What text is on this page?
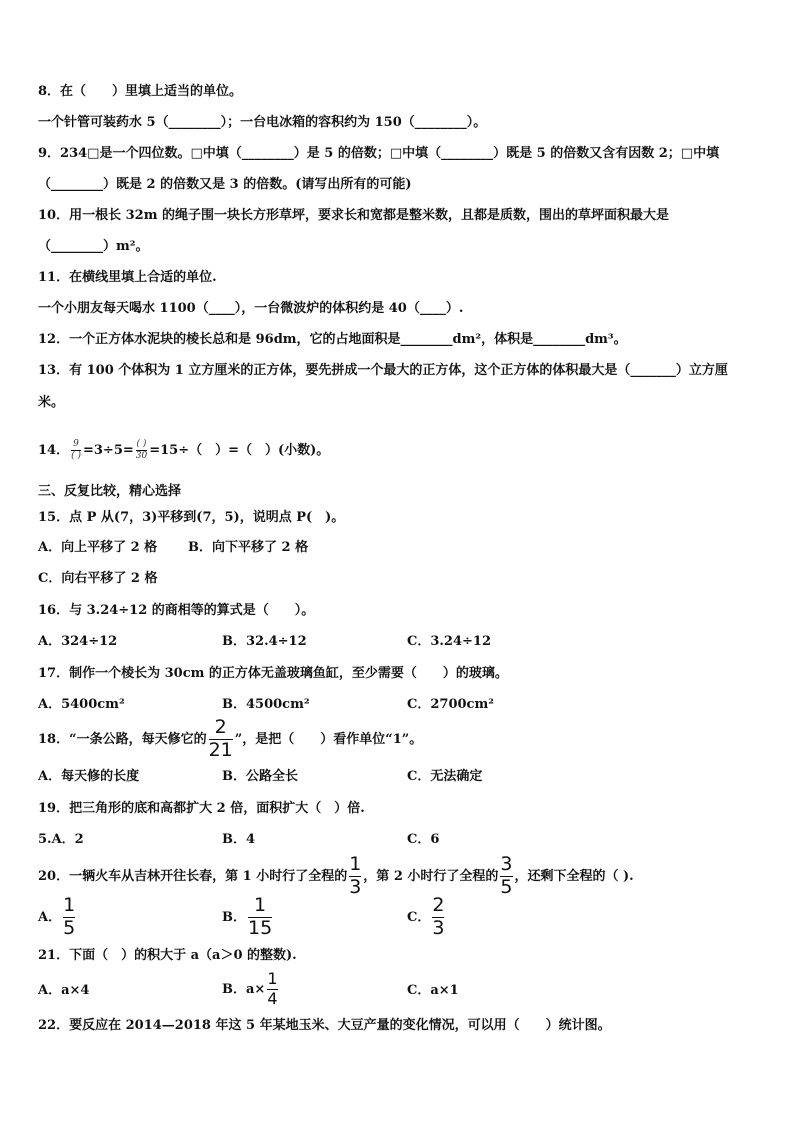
8．在（　　）里填上适当的单位。
一个针管可装药水 5（________）；一台电冰箱的容积约为 150（________）。
9．234□是一个四位数。□中填（________）是 5 的倍数；□中填（________）既是 5 的倍数又含有因数 2；□中填
（________）既是 2 的倍数又是 3 的倍数。(请写出所有的可能)
10．用一根长 32m 的绳子围一块长方形草坪，要求长和宽都是整米数，且都是质数，围出的草坪面积最大是
（________）m²。
11．在横线里填上合适的单位.
一个小朋友每天喝水 1100（____），一台微波炉的体积约是 40（____）.
12．一个正方体水泥块的棱长总和是 96dm，它的占地面积是________dm²，体积是________dm³。
13．有 100 个体积为 1 立方厘米的正方体，要先拼成一个最大的正方体，这个正方体的体积最大是（_______）立方厘
米。
14． $\frac{9}{( )} =3\div 5= \frac{( )}{30} =15\div$（　）=（　）(小数)。
三、反复比较，精心选择
15．点 P 从(7，3)平移到(7，5)，说明点 P(　)。
A．向上平移了 2 格 B．向下平移了 2 格
C．向右平移了 2 格
16．与 3.24÷12 的商相等的算式是（　　）。
A．324÷12	B．32.4÷12	C．3.24÷12
17．制作一个棱长为 30cm 的正方体无盖玻璃鱼缸，至少需要（　　）的玻璃。
A．5400cm²	B．4500cm²	C．2700cm²
18．“一条公路，每天修它的 $\frac{2}{21}$ ”，是把（　　）看作单位“1”。
A．每天修的长度	B．公路全长	C．无法确定
19．把三角形的底和高都扩大 2 倍，面积扩大（　）倍.
5.A．2	B．4	C．6
20．一辆火车从吉林开往长春，第 1 小时行了全程的 $\frac{1}{3}$ ，第 2 小时行了全程的 $\frac{3}{5}$ ，还剩下全程的（ ).
A． $\frac{1}{5}$	B． $\frac{1}{15}$	C． $\frac{2}{3}$
21．下面（　）的积大于 a（a＞0 的整数).
A．a×4	B．$a\times \frac{1}{4}$	C．a×1
22．要反应在 2014—2018 年这 5 年某地玉米、大豆产量的变化情况，可以用（　　）统计图。
